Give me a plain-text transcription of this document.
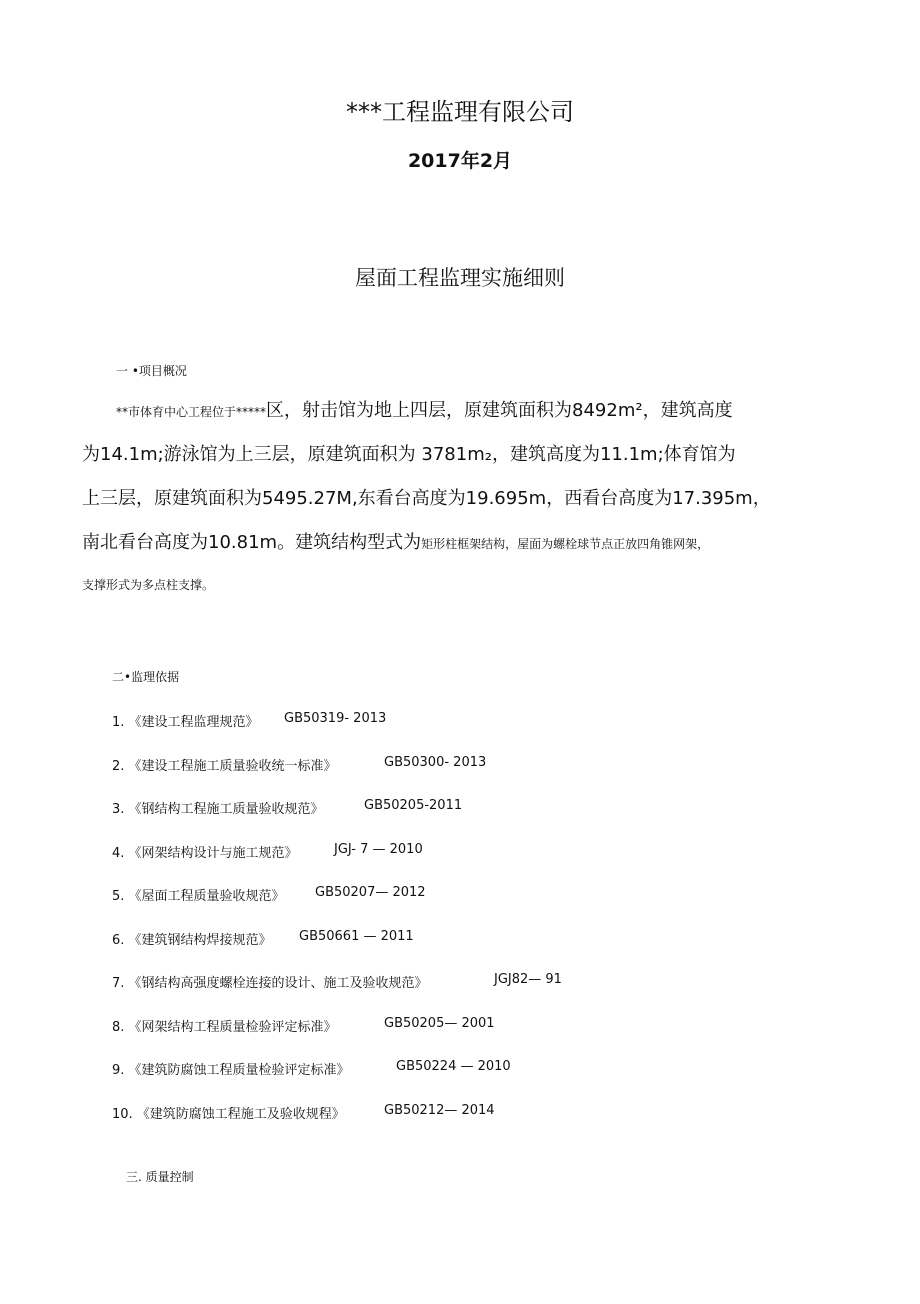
***工程监理有限公司
2017年2月
屋面工程监理实施细则
一 •项目概况
**市体育中心工程位于*****区，射击馆为地上四层，原建筑面积为8492m²，建筑高度
为14.1m;游泳馆为上三层，原建筑面积为 3781m₂，建筑高度为11.1m;体育馆为
上三层，原建筑面积为5495.27M,东看台高度为19.695m，西看台高度为17.395m，
南北看台高度为10.81m。建筑结构型式为矩形柱框架结构，屋面为螺栓球节点正放四角锥网架，
支撑形式为多点柱支撑。
二•监理依据
1. 《建设工程监理规范》 GB50319- 2013
2. 《建设工程施工质量验收统一标准》	GB50300- 2013
3. 《钢结构工程施工质量验收规范》	GB50205-2011
4. 《网架结构设计与施工规范》	JGJ- 7 — 2010
5. 《屋面工程质量验收规范》 GB50207— 2012
6. 《建筑钢结构焊接规范》 GB50661 — 2011
7. 《钢结构高强度螺栓连接的设计、施工及验收规范》	JGJ82— 91
8. 《网架结构工程质量检验评定标准》	GB50205— 2001
9. 《建筑防腐蚀工程质量检验评定标准》	GB50224 — 2010
10. 《建筑防腐蚀工程施工及验收规程》	GB50212— 2014
三. 质量控制
